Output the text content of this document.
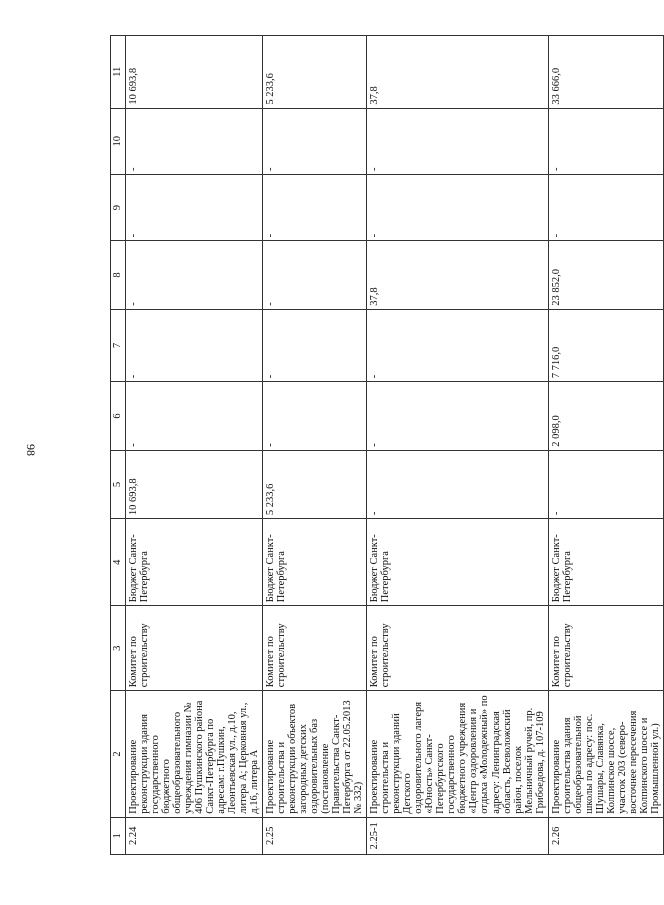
98
1	2	3	4	5	6	7	8	9	10	11
2.24	Проектирование реконструкции здания государственного бюджетного общеобразовательного учреждения гимназии № 406 Пушкинского района Санкт-Петербурга по адресам: г.Пушкин, Леонтьевская ул., д.10, литера А; Церковная ул., д.16, литера А	Комитет по строительству	Бюджет Санкт-Петербурга	10 693,8	-	-	-	-	-	10 693,8
2.25	Проектирование строительства и реконструкции объектов загородных детских оздоровительных баз (постановление Правительства Санкт-Петербурга от 22.05.2013 № 332)	Комитет по строительству	Бюджет Санкт-Петербурга	5 233,6	-	-	-	-	-	5 233,6
2.25-1	Проектирование строительства и реконструкции зданий Детского оздоровительного лагеря «Юность» Санкт-Петербургского государственного бюджетного учреждения «Центр оздоровления и отдыха «Молодежный» по адресу: Ленинградская область, Всеволожский район, поселок Мельничный ручей, пр. Грибоедова, д. 107-109	Комитет по строительству	Бюджет Санкт-Петербурга	-	-	-	37,8	-	-	37,8
2.26	Проектирование строительства здания общеобразовательной школы по адресу: пос. Шушары, Славянка, Колпинское шоссе, участок 203 (северо-восточнее пересечения Колпинского шоссе и Промышленной ул.)	Комитет по строительству	Бюджет Санкт-Петербурга	-	2 098,0	7 716,0	23 852,0	-	-	33 666,0
